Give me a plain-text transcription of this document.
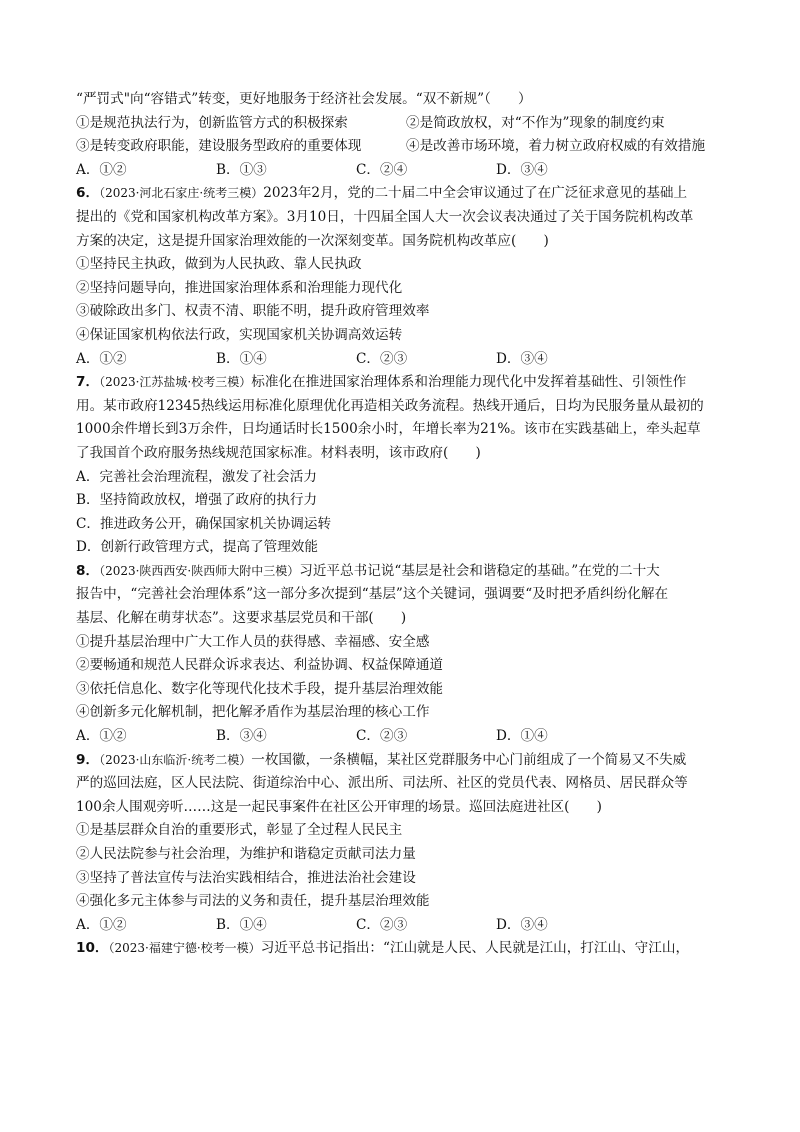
“严罚式"向“容错式”转变，更好地服务于经济社会发展。“双不新规”（　　）
①是规范执法行为，创新监管方式的积极探索	②是简政放权，对“不作为”现象的制度约束
③是转变政府职能，建设服务型政府的重要体现	④是改善市场环境，着力树立政府权威的有效措施
A．①②	B．①③	C．②④	D．③④
6．（2023·河北石家庄·统考三模）2023年2月，党的二十届二中全会审议通过了在广泛征求意见的基础上
提出的《党和国家机构改革方案》。3月10日，十四届全国人大一次会议表决通过了关于国务院机构改革
方案的决定，这是提升国家治理效能的一次深刻变革。国务院机构改革应(　　)
①坚持民主执政，做到为人民执政、靠人民执政
②坚持问题导向，推进国家治理体系和治理能力现代化
③破除政出多门、权责不清、职能不明，提升政府管理效率
④保证国家机构依法行政，实现国家机关协调高效运转
A．①②	B．①④	C．②③	D．③④
7．（2023·江苏盐城·校考三模）标准化在推进国家治理体系和治理能力现代化中发挥着基础性、引领性作
用。某市政府12345热线运用标准化原理优化再造相关政务流程。热线开通后，日均为民服务量从最初的
1000余件增长到3万余件，日均通话时长1500余小时，年增长率为21%。该市在实践基础上，牵头起草
了我国首个政府服务热线规范国家标准。材料表明，该市政府(　　)
A．完善社会治理流程，激发了社会活力
B．坚持简政放权，增强了政府的执行力
C．推进政务公开，确保国家机关协调运转
D．创新行政管理方式，提高了管理效能
8．（2023·陕西西安·陕西师大附中三模）习近平总书记说“基层是社会和谐稳定的基础。”在党的二十大
报告中，“完善社会治理体系”这一部分多次提到“基层”这个关键词，强调要“及时把矛盾纠纷化解在
基层、化解在萌芽状态”。这要求基层党员和干部(　　)
①提升基层治理中广大工作人员的获得感、幸福感、安全感
②要畅通和规范人民群众诉求表达、利益协调、权益保障通道
③依托信息化、数字化等现代化技术手段，提升基层治理效能
④创新多元化解机制，把化解矛盾作为基层治理的核心工作
A．①②	B．③④	C．②③	D．①④
9．（2023·山东临沂·统考二模）一枚国徽，一条横幅，某社区党群服务中心门前组成了一个简易又不失威
严的巡回法庭，区人民法院、街道综治中心、派出所、司法所、社区的党员代表、网格员、居民群众等
100余人围观旁听……这是一起民事案件在社区公开审理的场景。巡回法庭进社区(　　)
①是基层群众自治的重要形式，彰显了全过程人民民主
②人民法院参与社会治理，为维护和谐稳定贡献司法力量
③坚持了普法宣传与法治实践相结合，推进法治社会建设
④强化多元主体参与司法的义务和责任，提升基层治理效能
A．①②	B．①④	C．②③	D．③④
10．（2023·福建宁德·校考一模）习近平总书记指出：“江山就是人民、人民就是江山，打江山、守江山，
